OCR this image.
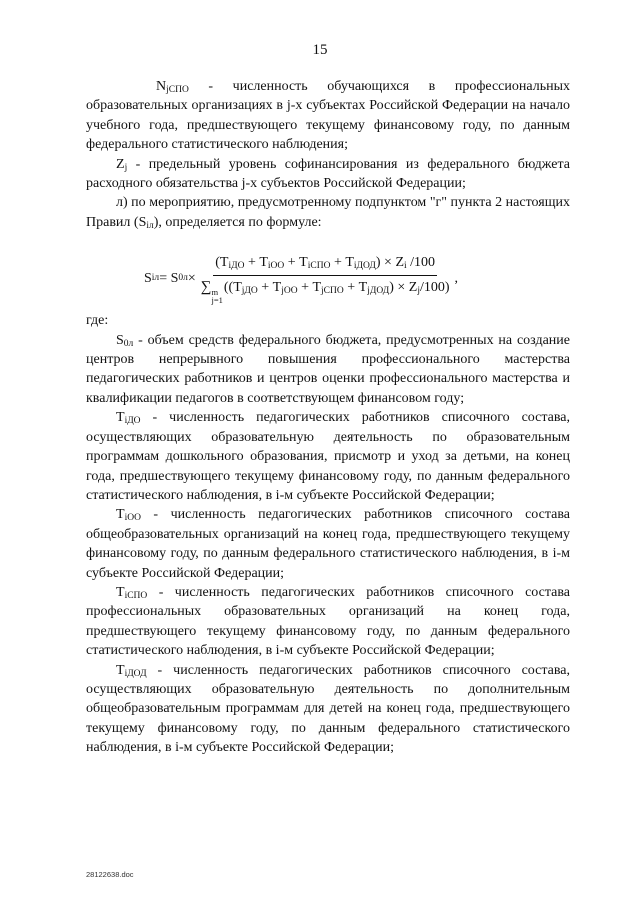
15

$N_{jСПО}$ - численность обучающихся в профессиональных образовательных организациях в j-х субъектах Российской Федерации на начало учебного года, предшествующего текущему финансовому году, по данным федерального статистического наблюдения;

$Z_j$ - предельный уровень софинансирования из федерального бюджета расходного обязательства j-х субъектов Российской Федерации;

л) по мероприятию, предусмотренному подпунктом "г" пункта 2 настоящих Правил $(S_{iл})$, определяется по формуле:

S iл = S $0л \times (T_{iДО} + T_{iОО} + T_{iСПО} + T_{iДОД}) \times Z_i$ /100
∑ m
j=1
$((T_{jДО} + T_{jОО} + T_{jСПО} + T_{jДОД}) \times Z_j/100)$ ,

где:

$S_{0л}$ - объем средств федерального бюджета, предусмотренных на создание центров непрерывного повышения профессионального мастерства педагогических работников и центров оценки профессионального мастерства и квалификации педагогов в соответствующем финансовом году;

$T_{iДО}$ - численность педагогических работников списочного состава, осуществляющих образовательную деятельность по образовательным программам дошкольного образования, присмотр и уход за детьми, на конец года, предшествующего текущему финансовому году, по данным федерального статистического наблюдения, в i-м субъекте Российской Федерации;

$T_{iОО}$ - численность педагогических работников списочного состава общеобразовательных организаций на конец года, предшествующего текущему финансовому году, по данным федерального статистического наблюдения, в i-м субъекте Российской Федерации;

$T_{iСПО}$ - численность педагогических работников списочного состава профессиональных образовательных организаций на конец года, предшествующего текущему финансовому году, по данным федерального статистического наблюдения, в i-м субъекте Российской Федерации;

$T_{iДОД}$ - численность педагогических работников списочного состава, осуществляющих образовательную деятельность по дополнительным общеобразовательным программам для детей на конец года, предшествующего текущему финансовому году, по данным федерального статистического наблюдения, в i-м субъекте Российской Федерации;

28122638.doc
